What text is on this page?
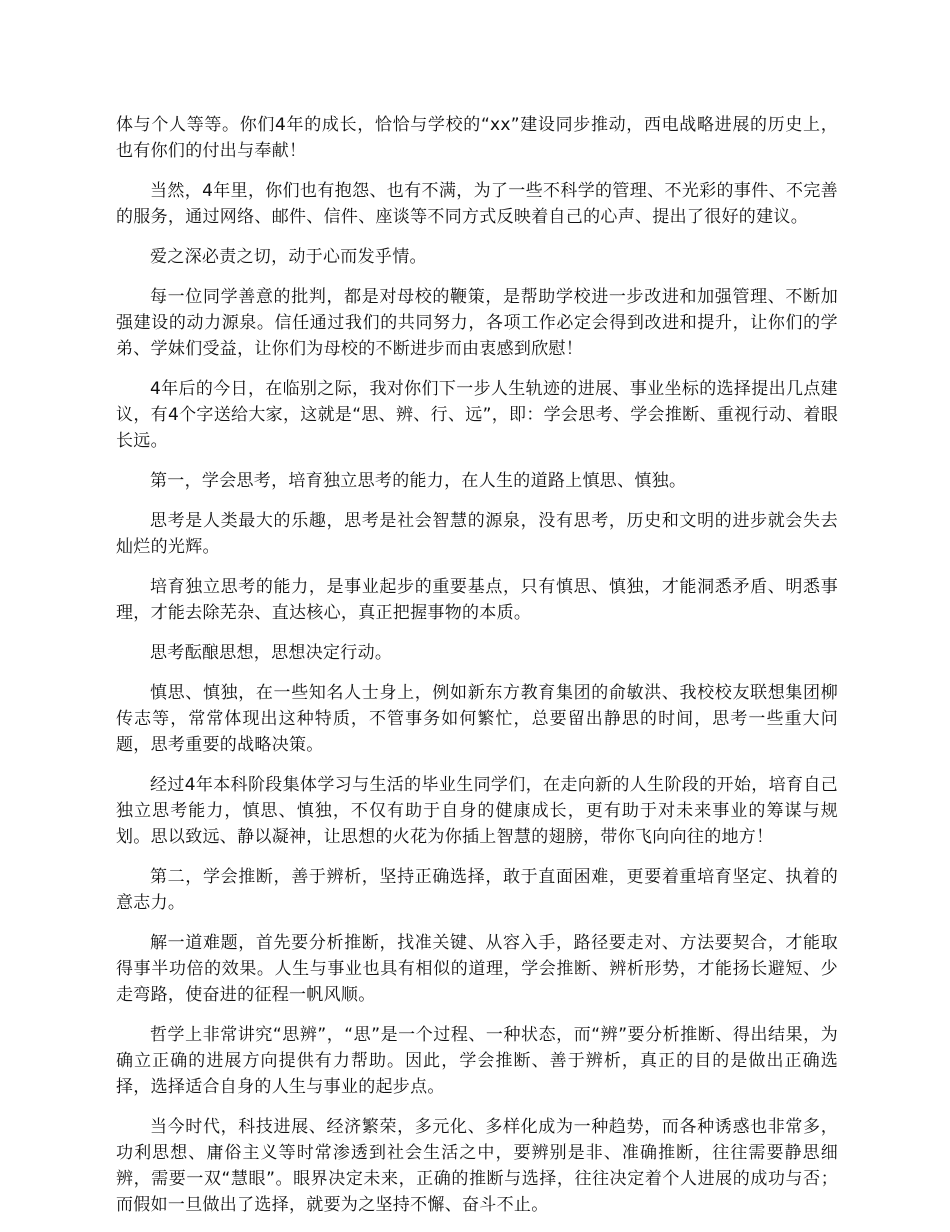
体与个人等等。你们4年的成长，恰恰与学校的“xx”建设同步推动，西电战略进展的历史上，也有你们的付出与奉献！

当然，4年里，你们也有抱怨、也有不满，为了一些不科学的管理、不光彩的事件、不完善的服务，通过网络、邮件、信件、座谈等不同方式反映着自己的心声、提出了很好的建议。

爱之深必责之切，动于心而发乎情。

每一位同学善意的批判，都是对母校的鞭策，是帮助学校进一步改进和加强管理、不断加强建设的动力源泉。信任通过我们的共同努力，各项工作必定会得到改进和提升，让你们的学弟、学妹们受益，让你们为母校的不断进步而由衷感到欣慰！

4年后的今日，在临别之际，我对你们下一步人生轨迹的进展、事业坐标的选择提出几点建议，有4个字送给大家，这就是“思、辨、行、远”，即：学会思考、学会推断、重视行动、着眼长远。

第一，学会思考，培育独立思考的能力，在人生的道路上慎思、慎独。

思考是人类最大的乐趣，思考是社会智慧的源泉，没有思考，历史和文明的进步就会失去灿烂的光辉。

培育独立思考的能力，是事业起步的重要基点，只有慎思、慎独，才能洞悉矛盾、明悉事理，才能去除芜杂、直达核心，真正把握事物的本质。

思考酝酿思想，思想决定行动。

慎思、慎独，在一些知名人士身上，例如新东方教育集团的俞敏洪、我校校友联想集团柳传志等，常常体现出这种特质，不管事务如何繁忙，总要留出静思的时间，思考一些重大问题，思考重要的战略决策。

经过4年本科阶段集体学习与生活的毕业生同学们，在走向新的人生阶段的开始，培育自己独立思考能力，慎思、慎独，不仅有助于自身的健康成长，更有助于对未来事业的筹谋与规划。思以致远、静以凝神，让思想的火花为你插上智慧的翅膀，带你飞向向往的地方！

第二，学会推断，善于辨析，坚持正确选择，敢于直面困难，更要着重培育坚定、执着的意志力。

解一道难题，首先要分析推断，找准关键、从容入手，路径要走对、方法要契合，才能取得事半功倍的效果。人生与事业也具有相似的道理，学会推断、辨析形势，才能扬长避短、少走弯路，使奋进的征程一帆风顺。

哲学上非常讲究“思辨”，“思”是一个过程、一种状态，而“辨”要分析推断、得出结果，为确立正确的进展方向提供有力帮助。因此，学会推断、善于辨析，真正的目的是做出正确选择，选择适合自身的人生与事业的起步点。

当今时代，科技进展、经济繁荣，多元化、多样化成为一种趋势，而各种诱惑也非常多，功利思想、庸俗主义等时常渗透到社会生活之中，要辨别是非、准确推断，往往需要静思细辨，需要一双“慧眼”。眼界决定未来，正确的推断与选择，往往决定着个人进展的成功与否；而假如一旦做出了选择，就要为之坚持不懈、奋斗不止。
